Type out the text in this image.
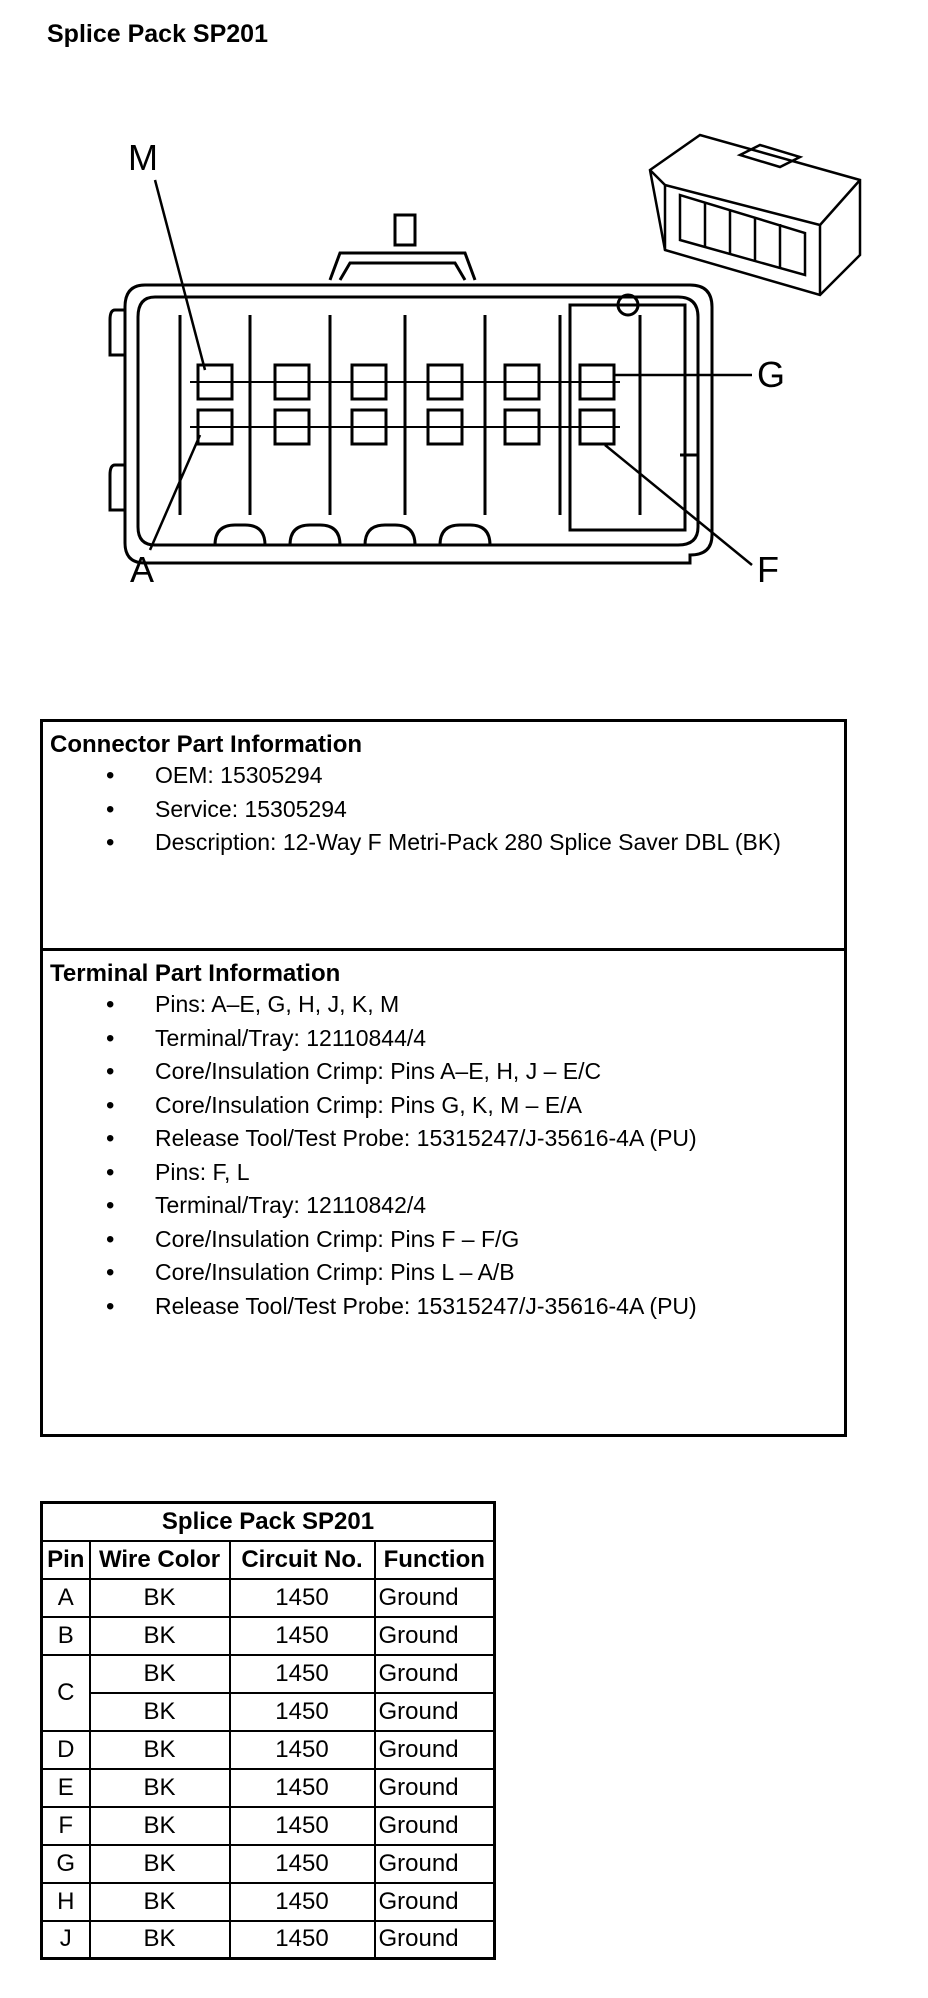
Splice Pack SP201
M
G
A	F
Connector Part Information
• OEM: 15305294
• Service: 15305294
• Description: 12-Way F Metri-Pack 280 Splice Saver DBL (BK)
Terminal Part Information
• Pins: A–E, G, H, J, K, M
• Terminal/Tray: 12110844/4
• Core/Insulation Crimp: Pins A–E, H, J – E/C
• Core/Insulation Crimp: Pins G, K, M – E/A
• Release Tool/Test Probe: 15315247/J-35616-4A (PU)
• Pins: F, L
• Terminal/Tray: 12110842/4
• Core/Insulation Crimp: Pins F – F/G
• Core/Insulation Crimp: Pins L – A/B
• Release Tool/Test Probe: 15315247/J-35616-4A (PU)
Splice Pack SP201			
Pin	Wire Color	Circuit No.	Function
A	BK	1450	Ground
B	BK	1450	Ground
C	BK	1450	Ground
	BK	1450	Ground
D	BK	1450	Ground
E	BK	1450	Ground
F	BK	1450	Ground
G	BK	1450	Ground
H	BK	1450	Ground
J	BK	1450	Ground
